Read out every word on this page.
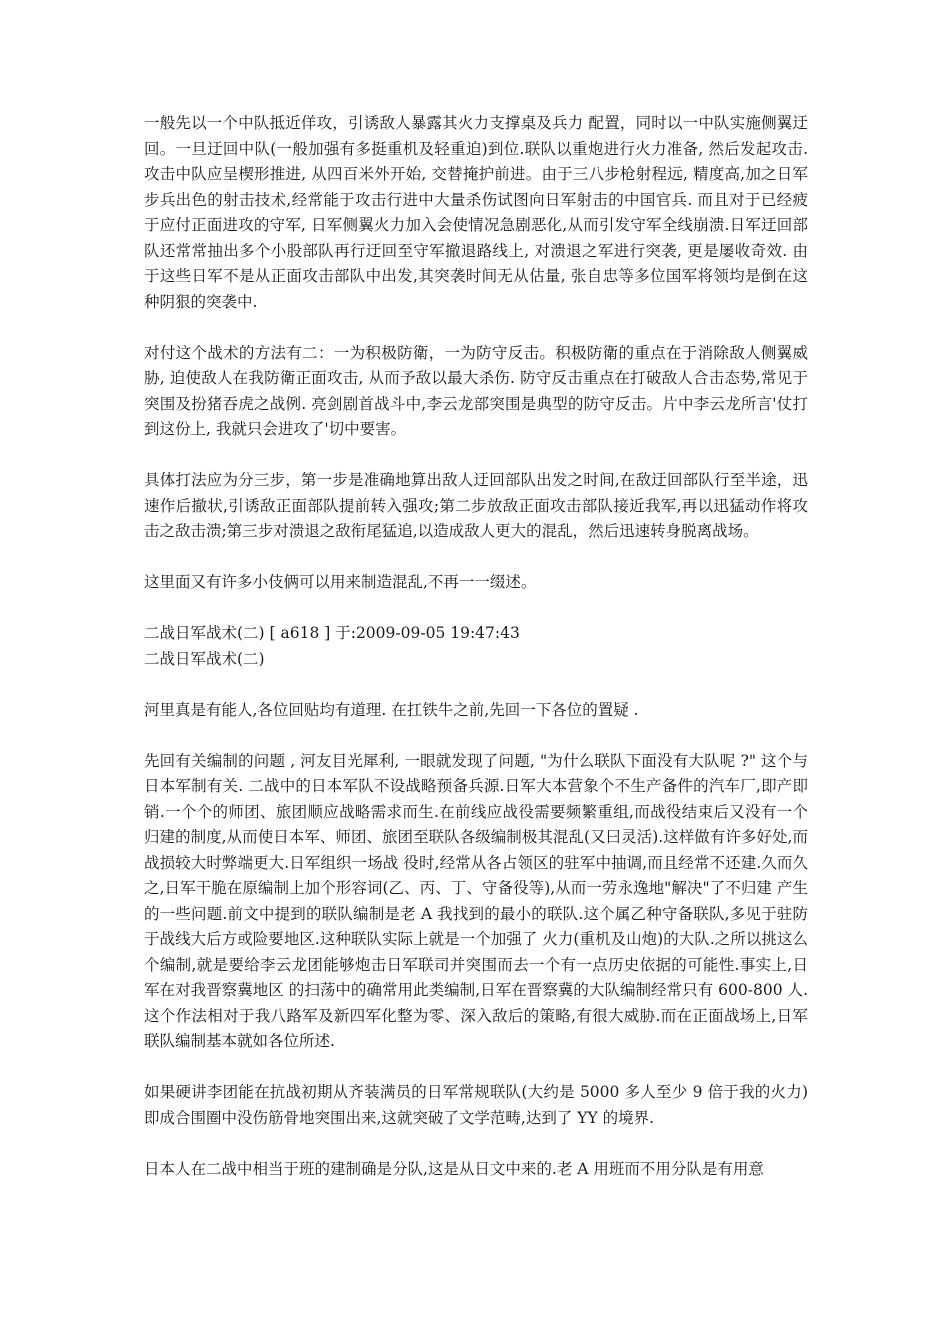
一般先以一个中队抵近佯攻，引诱敌人暴露其火力支撑桌及兵力 配置，同时以一中队实施侧翼迂回。一旦迂回中队(一般加强有多挺重机及轻重迫)到位.联队以重炮进行火力准备, 然后发起攻击.攻击中队应呈楔形推进, 从四百米外开始, 交替掩护前进。由于三八步枪射程远, 精度高,加之日军步兵出色的射击技术,经常能于攻击行进中大量杀伤试图向日军射击的中国官兵. 而且对于已经疲于应付正面进攻的守军, 日军侧翼火力加入会使情况急剧恶化,从而引发守军全线崩溃.日军迂回部队还常常抽出多个小股部队再行迂回至守军撤退路线上, 对溃退之军进行突袭, 更是屡收奇效. 由于这些日军不是从正面攻击部队中出发,其突袭时间无从估量, 张自忠等多位国军将领均是倒在这种阴狠的突袭中.

对付这个战术的方法有二：一为积极防衛，一为防守反击。积极防衛的重点在于消除敌人侧翼威胁, 迫使敌人在我防衛正面攻击, 从而予敌以最大杀伤. 防守反击重点在打破敌人合击态势,常见于突围及扮猪吞虎之战例. 亮剑剧首战斗中,李云龙部突围是典型的防守反击。片中李云龙所言'仗打到这份上, 我就只会进攻了'切中要害。

具体打法应为分三步，第一步是准确地算出敌人迂回部队出发之时间,在敌迂回部队行至半途，迅速作后撤状,引诱敌正面部队提前转入强攻;第二步放敌正面攻击部队接近我军,再以迅猛动作将攻击之敌击溃;第三步对溃退之敌衔尾猛追,以造成敌人更大的混乱，然后迅速转身脱离战场。

这里面又有许多小伎俩可以用来制造混乱,不再一一缀述。

二战日军战术(二) [ a618 ] 于:2009-09-05 19:47:43
二战日军战术(二)

河里真是有能人,各位回贴均有道理. 在扛铁牛之前,先回一下各位的置疑 .

先回有关编制的问题 , 河友目光犀利, 一眼就发现了问题, "为什么联队下面没有大队呢 ?" 这个与日本军制有关. 二战中的日本军队不设战略预备兵源.日军大本营象个不生产备件的汽车厂,即产即销.一个个的师团、旅团顺应战略需求而生.在前线应战役需要频繁重组,而战役结束后又没有一个归建的制度,从而使日本军、师团、旅团至联队各级编制极其混乱(又曰灵活).这样做有许多好处,而战损较大时弊端更大.日军组织一场战 役时,经常从各占领区的驻军中抽调,而且经常不还建.久而久之,日军干脆在原编制上加个形容词(乙、丙、丁、守备役等),从而一劳永逸地"解决"了不归建 产生的一些问题.前文中提到的联队编制是老 A 我找到的最小的联队.这个属乙种守备联队,多见于驻防于战线大后方或险要地区.这种联队实际上就是一个加强了 火力(重机及山炮)的大队.之所以挑这么个编制,就是要给李云龙团能够炮击日军联司并突围而去一个有一点历史依据的可能性.事实上,日军在对我晋察冀地区 的扫荡中的确常用此类编制,日军在晋察冀的大队编制经常只有 600-800 人. 这个作法相对于我八路军及新四军化整为零、深入敌后的策略,有很大威胁.而在正面战场上,日军联队编制基本就如各位所述.

如果硬讲李团能在抗战初期从齐装满员的日军常规联队(大约是 5000 多人至少 9 倍于我的火力)即成合围圈中没伤筋骨地突围出来,这就突破了文学范畴,达到了 YY 的境界.

日本人在二战中相当于班的建制确是分队,这是从日文中来的.老 A 用班而不用分队是有用意
